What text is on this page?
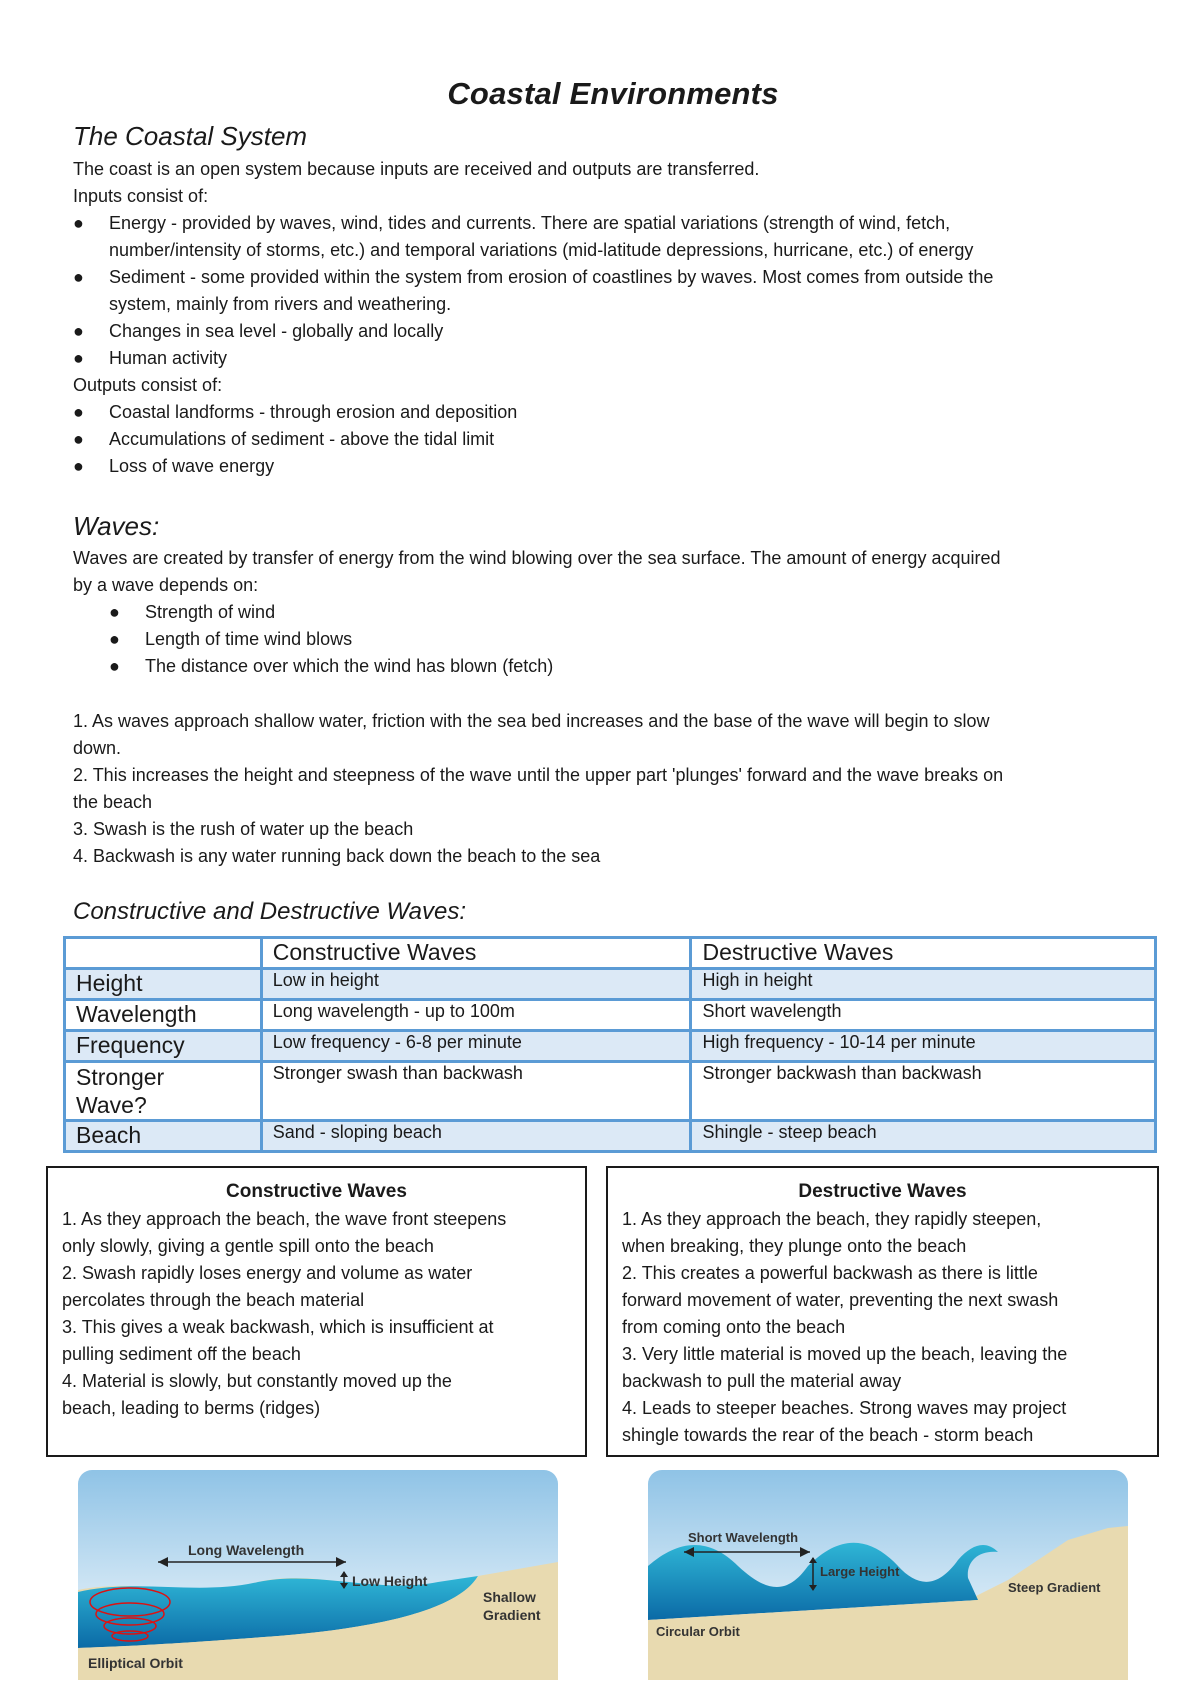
Coastal Environments
The Coastal System
The coast is an open system because inputs are received and outputs are transferred.
Inputs consist of:
● Energy - provided by waves, wind, tides and currents. There are spatial variations (strength of wind, fetch,
number/intensity of storms, etc.) and temporal variations (mid-latitude depressions, hurricane, etc.) of energy
● Sediment - some provided within the system from erosion of coastlines by waves. Most comes from outside the
system, mainly from rivers and weathering.
● Changes in sea level - globally and locally
● Human activity
Outputs consist of:
● Coastal landforms - through erosion and deposition
● Accumulations of sediment - above the tidal limit
● Loss of wave energy
Waves:
Waves are created by transfer of energy from the wind blowing over the sea surface. The amount of energy acquired
by a wave depends on:
● Strength of wind
● Length of time wind blows
● The distance over which the wind has blown (fetch)
1. As waves approach shallow water, friction with the sea bed increases and the base of the wave will begin to slow
down.
2. This increases the height and steepness of the wave until the upper part 'plunges' forward and the wave breaks on
the beach
3. Swash is the rush of water up the beach
4. Backwash is any water running back down the beach to the sea
Constructive and Destructive Waves:
	Constructive Waves	Destructive Waves
Height	Low in height	High in height
Wavelength	Long wavelength - up to 100m	Short wavelength
Frequency	Low frequency - 6-8 per minute	High frequency - 10-14 per minute
Stronger
Wave?	Stronger swash than backwash	Stronger backwash than backwash
Beach	Sand - sloping beach	Shingle - steep beach
Constructive Waves
1. As they approach the beach, the wave front steepens
only slowly, giving a gentle spill onto the beach
2. Swash rapidly loses energy and volume as water
percolates through the beach material
3. This gives a weak backwash, which is insufficient at
pulling sediment off the beach
4. Material is slowly, but constantly moved up the
beach, leading to berms (ridges)
Destructive Waves
1. As they approach the beach, they rapidly steepen,
when breaking, they plunge onto the beach
2. This creates a powerful backwash as there is little
forward movement of water, preventing the next swash
from coming onto the beach
3. Very little material is moved up the beach, leaving the
backwash to pull the material away
4. Leads to steeper beaches. Strong waves may project
shingle towards the rear of the beach - storm beach
Long Wavelength
Low Height
Shallow
Gradient
Elliptical Orbit
Short Wavelength
Large Height
Steep Gradient
Circular Orbit
